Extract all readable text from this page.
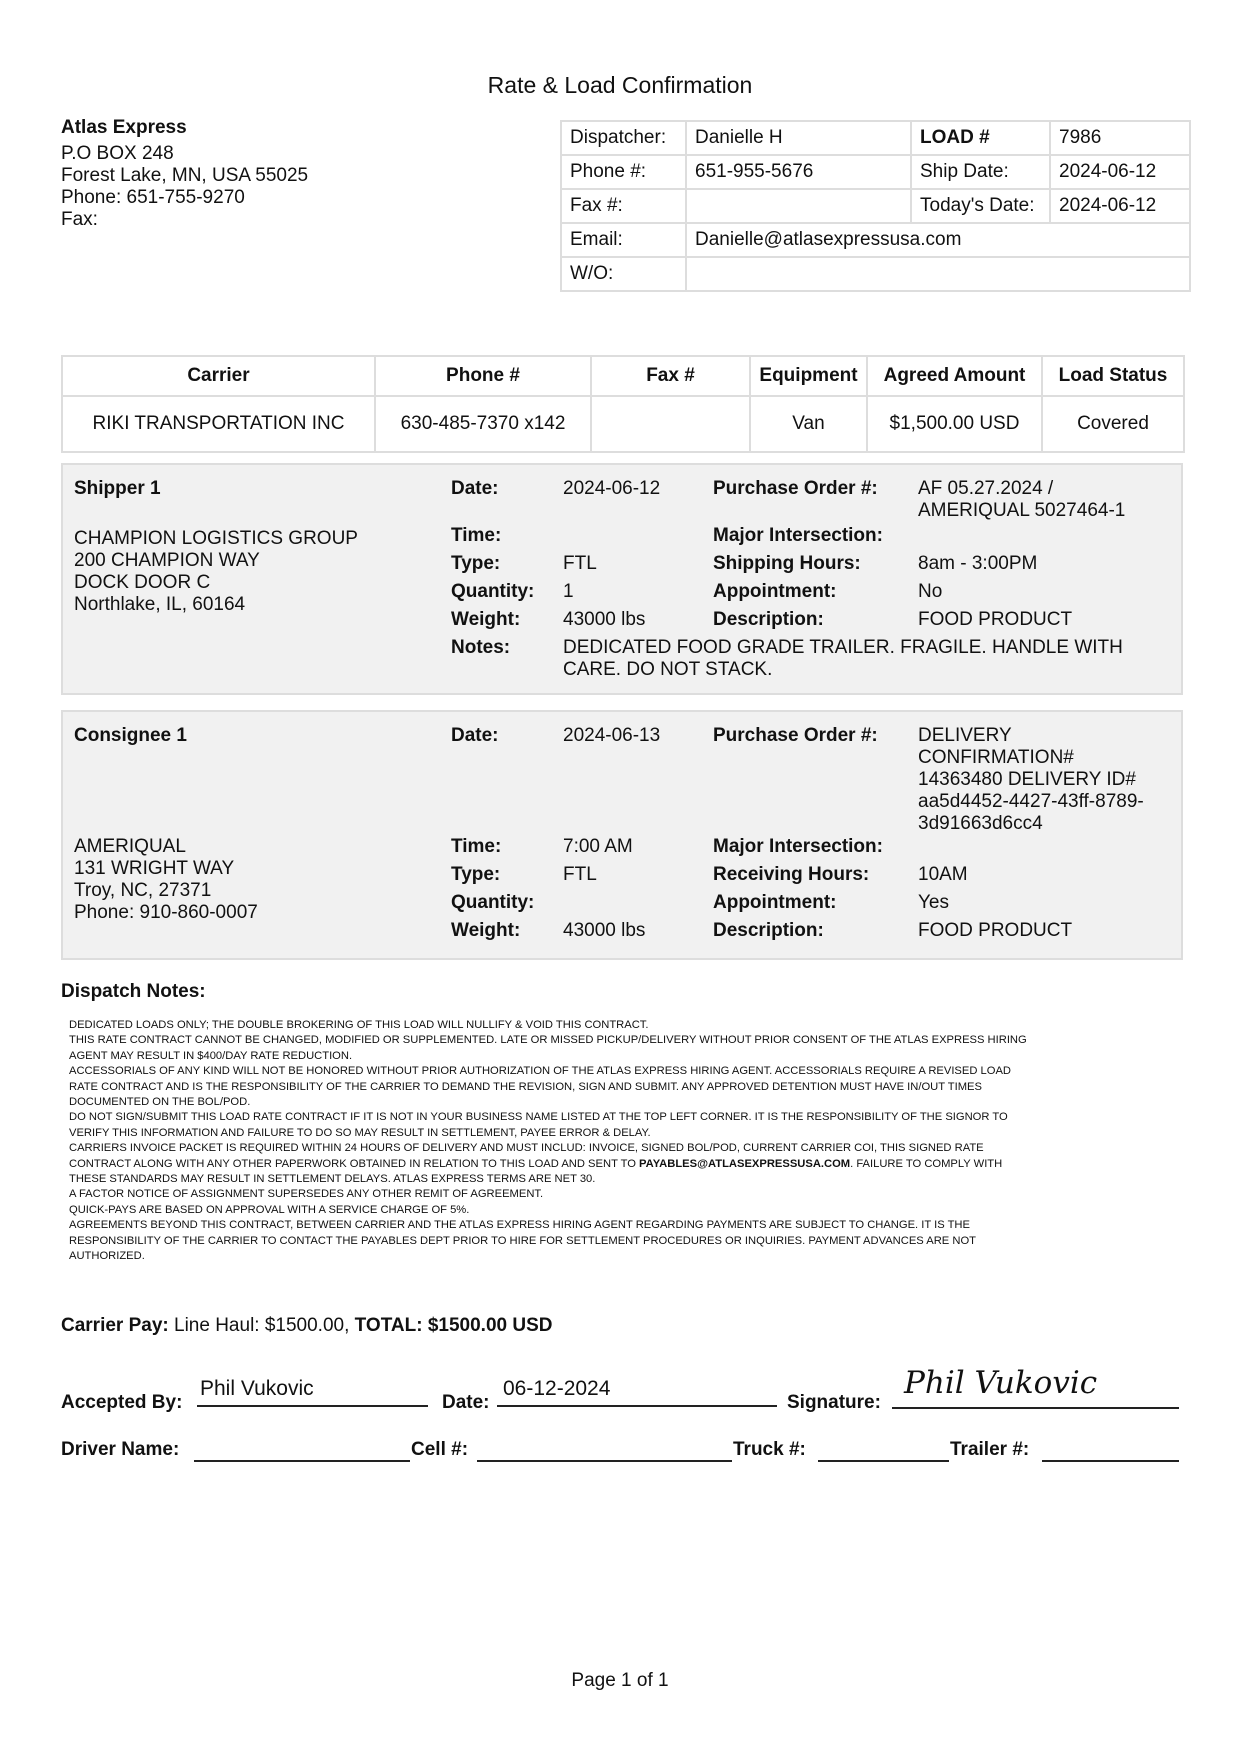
Rate & Load Confirmation
Atlas Express
P.O BOX 248
Forest Lake, MN, USA 55025
Phone: 651-755-9270
Fax:
Dispatcher:	Danielle H	LOAD #	7986
Phone #:	651-955-5676	Ship Date:	2024-06-12
Fax #:		Today's Date:	2024-06-12
Email:	Danielle@atlasexpressusa.com		
W/O:			
Carrier	Phone #	Fax #	Equipment	Agreed Amount	Load Status
RIKI TRANSPORTATION INC	630-485-7370 x142		Van	$1,500.00 USD	Covered
Shipper 1
CHAMPION LOGISTICS GROUP
200 CHAMPION WAY
DOCK DOOR C
Northlake, IL, 60164
Date:	2024-06-12	Purchase Order #: AF 05.27.2024 /
AMERIQUAL 5027464-1
Time:	Major Intersection:
Type:	FTL	Shipping Hours:	8am - 3:00PM
Quantity: 1	Appointment:	No
Weight: 43000 lbs	Description:	FOOD PRODUCT
Notes:	DEDICATED FOOD GRADE TRAILER. FRAGILE. HANDLE WITH
CARE. DO NOT STACK.
Consignee 1	Date:	2024-06-13	Purchase Order #: DELIVERY
CONFIRMATION#
14363480 DELIVERY ID#
aa5d4452-4427-43ff-8789-
3d91663d6cc4
AMERIQUAL
131 WRIGHT WAY
Troy, NC, 27371
Phone: 910-860-0007
Time:	7:00 AM	Major Intersection:
Type:	FTL	Receiving Hours:	10AM
Quantity:	Appointment:	Yes
Weight: 43000 lbs	Description:	FOOD PRODUCT
Dispatch Notes:
DEDICATED LOADS ONLY; THE DOUBLE BROKERING OF THIS LOAD WILL NULLIFY & VOID THIS CONTRACT.
THIS RATE CONTRACT CANNOT BE CHANGED, MODIFIED OR SUPPLEMENTED. LATE OR MISSED PICKUP/DELIVERY WITHOUT PRIOR CONSENT OF THE ATLAS EXPRESS HIRING
AGENT MAY RESULT IN $400/DAY RATE REDUCTION.
ACCESSORIALS OF ANY KIND WILL NOT BE HONORED WITHOUT PRIOR AUTHORIZATION OF THE ATLAS EXPRESS HIRING AGENT. ACCESSORIALS REQUIRE A REVISED LOAD
RATE CONTRACT AND IS THE RESPONSIBILITY OF THE CARRIER TO DEMAND THE REVISION, SIGN AND SUBMIT. ANY APPROVED DETENTION MUST HAVE IN/OUT TIMES
DOCUMENTED ON THE BOL/POD.
DO NOT SIGN/SUBMIT THIS LOAD RATE CONTRACT IF IT IS NOT IN YOUR BUSINESS NAME LISTED AT THE TOP LEFT CORNER. IT IS THE RESPONSIBILITY OF THE SIGNOR TO
VERIFY THIS INFORMATION AND FAILURE TO DO SO MAY RESULT IN SETTLEMENT, PAYEE ERROR & DELAY.
CARRIERS INVOICE PACKET IS REQUIRED WITHIN 24 HOURS OF DELIVERY AND MUST INCLUD: INVOICE, SIGNED BOL/POD, CURRENT CARRIER COI, THIS SIGNED RATE
CONTRACT ALONG WITH ANY OTHER PAPERWORK OBTAINED IN RELATION TO THIS LOAD AND SENT TO PAYABLES@ATLASEXPRESSUSA.COM. FAILURE TO COMPLY WITH
THESE STANDARDS MAY RESULT IN SETTLEMENT DELAYS. ATLAS EXPRESS TERMS ARE NET 30.
A FACTOR NOTICE OF ASSIGNMENT SUPERSEDES ANY OTHER REMIT OF AGREEMENT.
QUICK-PAYS ARE BASED ON APPROVAL WITH A SERVICE CHARGE OF 5%.
AGREEMENTS BEYOND THIS CONTRACT, BETWEEN CARRIER AND THE ATLAS EXPRESS HIRING AGENT REGARDING PAYMENTS ARE SUBJECT TO CHANGE. IT IS THE
RESPONSIBILITY OF THE CARRIER TO CONTACT THE PAYABLES DEPT PRIOR TO HIRE FOR SETTLEMENT PROCEDURES OR INQUIRIES. PAYMENT ADVANCES ARE NOT
AUTHORIZED.
Carrier Pay: Line Haul: $1500.00, TOTAL: $1500.00 USD
Accepted By:
Phil Vukovic
Date:
06-12-2024
Signature:
Phil Vukovic
Driver Name:	Cell #:	Truck #:	Trailer #:
Page 1 of 1
